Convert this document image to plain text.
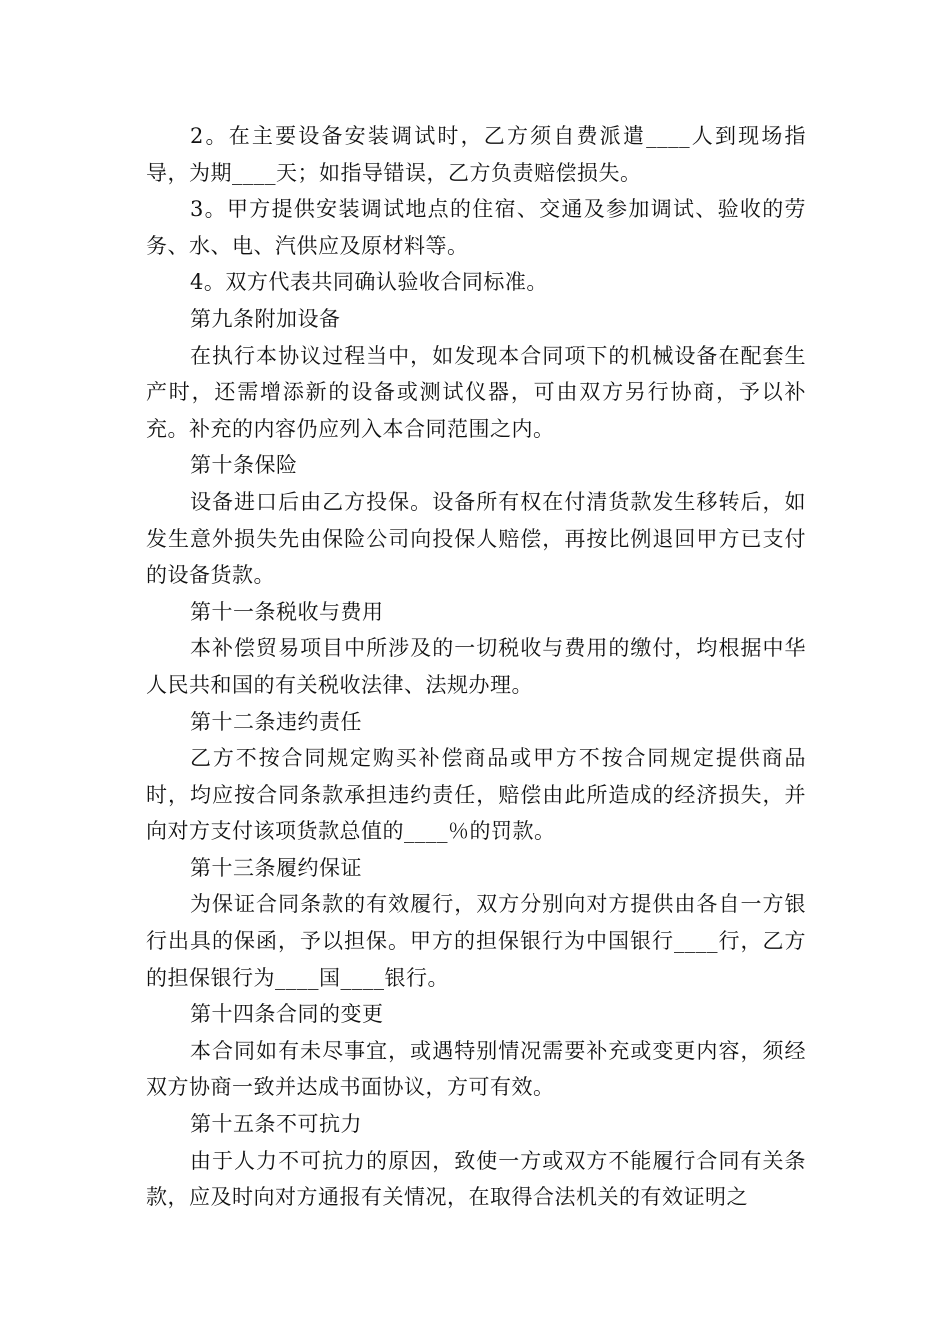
2。在主要设备安装调试时，乙方须自费派遣____人到现场指导，为期____天；如指导错误，乙方负责赔偿损失。

3。甲方提供安装调试地点的住宿、交通及参加调试、验收的劳务、水、电、汽供应及原材料等。

4。双方代表共同确认验收合同标准。

第九条附加设备

在执行本协议过程当中，如发现本合同项下的机械设备在配套生产时，还需增添新的设备或测试仪器，可由双方另行协商，予以补充。补充的内容仍应列入本合同范围之内。

第十条保险

设备进口后由乙方投保。设备所有权在付清货款发生移转后，如发生意外损失先由保险公司向投保人赔偿，再按比例退回甲方已支付的设备货款。

第十一条税收与费用

本补偿贸易项目中所涉及的一切税收与费用的缴付，均根据中华人民共和国的有关税收法律、法规办理。

第十二条违约责任

乙方不按合同规定购买补偿商品或甲方不按合同规定提供商品时，均应按合同条款承担违约责任，赔偿由此所造成的经济损失，并向对方支付该项货款总值的____％的罚款。

第十三条履约保证

为保证合同条款的有效履行，双方分别向对方提供由各自一方银行出具的保函，予以担保。甲方的担保银行为中国银行____行，乙方的担保银行为____国____银行。

第十四条合同的变更

本合同如有未尽事宜，或遇特别情况需要补充或变更内容，须经双方协商一致并达成书面协议，方可有效。

第十五条不可抗力

由于人力不可抗力的原因，致使一方或双方不能履行合同有关条款，应及时向对方通报有关情况，在取得合法机关的有效证明之
